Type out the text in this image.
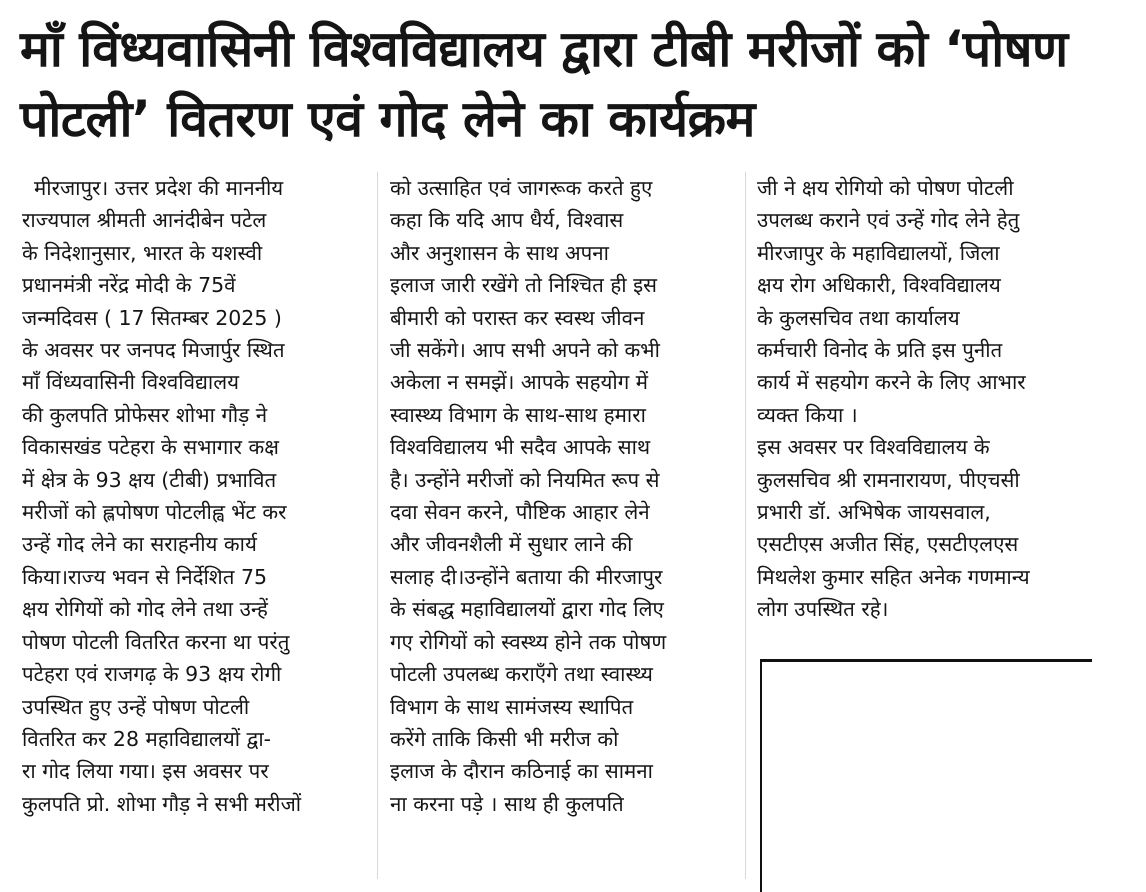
माँ विंध्यवासिनी विश्वविद्यालय द्वारा टीबी मरीजों को ‘पोषण
पोटली’ वितरण एवं गोद लेने का कार्यक्रम
मीरजापुर। उत्तर प्रदेश की माननीय
राज्यपाल श्रीमती आनंदीबेन पटेल
के निदेशानुसार, भारत के यशस्वी
प्रधानमंत्री नरेंद्र मोदी के 75वें
जन्मदिवस ( 17 सितम्बर 2025 )
के अवसर पर जनपद मिजार्पुर स्थित
माँ विंध्यवासिनी विश्वविद्यालय
की कुलपति प्रोफेसर शोभा गौड़ ने
विकासखंड पटेहरा के सभागार कक्ष
में क्षेत्र के 93 क्षय (टीबी) प्रभावित
मरीजों को ह्लपोषण पोटलीह्व भेंट कर
उन्हें गोद लेने का सराहनीय कार्य
किया।राज्य भवन से निर्देशित 75
क्षय रोगियों को गोद लेने तथा उन्हें
पोषण पोटली वितरित करना था परंतु
पटेहरा एवं राजगढ़ के 93 क्षय रोगी
उपस्थित हुए उन्हें पोषण पोटली
वितरित कर 28 महाविद्यालयों द्वा-
रा गोद लिया गया। इस अवसर पर
कुलपति प्रो. शोभा गौड़ ने सभी मरीजों
को उत्साहित एवं जागरूक करते हुए
कहा कि यदि आप धैर्य, विश्वास
और अनुशासन के साथ अपना
इलाज जारी रखेंगे तो निश्चित ही इस
बीमारी को परास्त कर स्वस्थ जीवन
जी सकेंगे। आप सभी अपने को कभी
अकेला न समझें। आपके सहयोग में
स्वास्थ्य विभाग के साथ-साथ हमारा
विश्वविद्यालय भी सदैव आपके साथ
है। उन्होंने मरीजों को नियमित रूप से
दवा सेवन करने, पौष्टिक आहार लेने
और जीवनशैली में सुधार लाने की
सलाह दी।उन्होंने बताया की मीरजापुर
के संबद्ध महाविद्यालयों द्वारा गोद लिए
गए रोगियों को स्वस्थ्य होने तक पोषण
पोटली उपलब्ध कराएँगे तथा स्वास्थ्य
विभाग के साथ सामंजस्य स्थापित
करेंगे ताकि किसी भी मरीज को
इलाज के दौरान कठिनाई का सामना
ना करना पड़े । साथ ही कुलपति
जी ने क्षय रोगियो को पोषण पोटली
उपलब्ध कराने एवं उन्हें गोद लेने हेतु
मीरजापुर के महाविद्यालयों, जिला
क्षय रोग अधिकारी, विश्वविद्यालय
के कुलसचिव तथा कार्यालय
कर्मचारी विनोद के प्रति इस पुनीत
कार्य में सहयोग करने के लिए आभार
व्यक्त किया ।
इस अवसर पर विश्वविद्यालय के
कुलसचिव श्री रामनारायण, पीएचसी
प्रभारी डॉ. अभिषेक जायसवाल,
एसटीएस अजीत सिंह, एसटीएलएस
मिथलेश कुमार सहित अनेक गणमान्य
लोग उपस्थित रहे।
